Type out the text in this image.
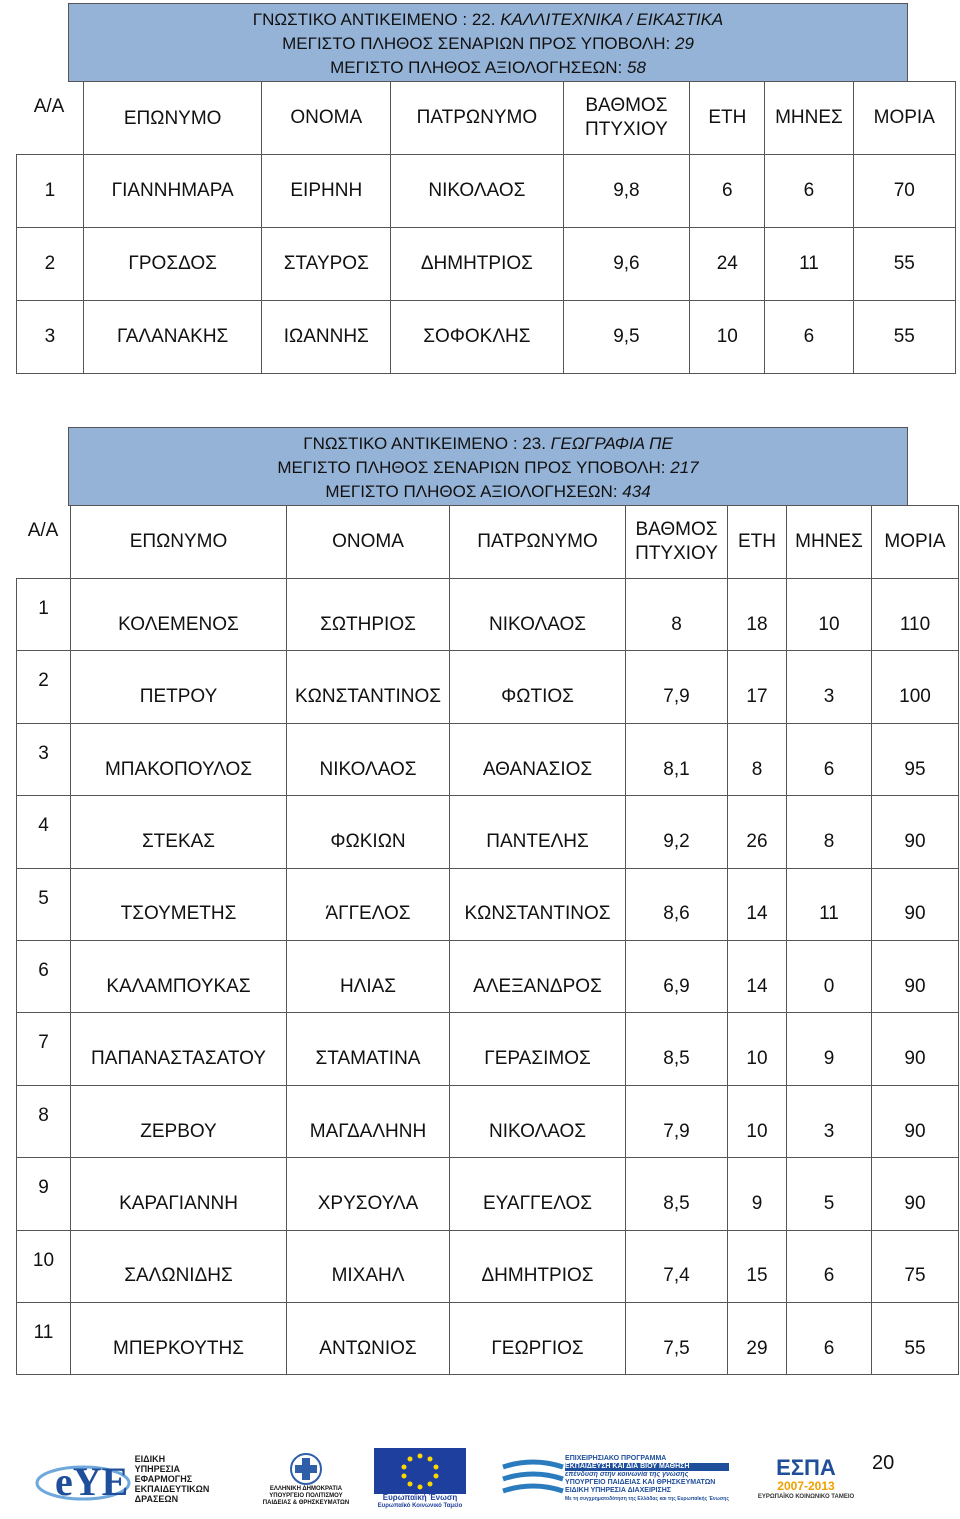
ΓΝΩΣΤΙΚΟ ΑΝΤΙΚΕΙΜΕΝΟ : 22. ΚΑΛΛΙΤΕΧΝΙΚΑ / ΕΙΚΑΣΤΙΚΑ
ΜΕΓΙΣΤΟ ΠΛΗΘΟΣ ΣΕΝΑΡΙΩΝ ΠΡΟΣ ΥΠΟΒΟΛΗ: 29
ΜΕΓΙΣΤΟ ΠΛΗΘΟΣ ΑΞΙΟΛΟΓΗΣΕΩΝ: 58
Α/Α
	ΕΠΩΝΥΜΟ	ΟΝΟΜΑ	ΠΑΤΡΩΝΥΜΟ	ΒΑΘΜΟΣ ΠΤΥΧΙΟΥ	ΕΤΗ	ΜΗΝΕΣ	ΜΟΡΙΑ
1	ΓΙΑΝΝΗΜΑΡΑ	ΕΙΡΗΝΗ	ΝΙΚΟΛΑΟΣ	9,8	6	6	70
2	ΓΡΟΣΔΟΣ	ΣΤΑΥΡΟΣ	ΔΗΜΗΤΡΙΟΣ	9,6	24	11	55
3	ΓΑΛΑΝΑΚΗΣ	ΙΩΑΝΝΗΣ	ΣΟΦΟΚΛΗΣ	9,5	10	6	55
ΓΝΩΣΤΙΚΟ ΑΝΤΙΚΕΙΜΕΝΟ : 23. ΓΕΩΓΡΑΦΙΑ ΠΕ
ΜΕΓΙΣΤΟ ΠΛΗΘΟΣ ΣΕΝΑΡΙΩΝ ΠΡΟΣ ΥΠΟΒΟΛΗ: 217
ΜΕΓΙΣΤΟ ΠΛΗΘΟΣ ΑΞΙΟΛΟΓΗΣΕΩΝ: 434
Α/Α
	ΕΠΩΝΥΜΟ	ΟΝΟΜΑ	ΠΑΤΡΩΝΥΜΟ	ΒΑΘΜΟΣ ΠΤΥΧΙΟΥ	ΕΤΗ	ΜΗΝΕΣ	ΜΟΡΙΑ
1	ΚΟΛΕΜΕΝΟΣ	ΣΩΤΗΡΙΟΣ	ΝΙΚΟΛΑΟΣ	8	18	10	110
2	ΠΕΤΡΟΥ	ΚΩΝΣΤΑΝΤΙΝΟΣ	ΦΩΤΙΟΣ	7,9	17	3	100
3	ΜΠΑΚΟΠΟΥΛΟΣ	ΝΙΚΟΛΑΟΣ	ΑΘΑΝΑΣΙΟΣ	8,1	8	6	95
4	ΣΤΕΚΑΣ	ΦΩΚΙΩΝ	ΠΑΝΤΕΛΗΣ	9,2	26	8	90
5	ΤΣΟΥΜΕΤΗΣ	ΆΓΓΕΛΟΣ	ΚΩΝΣΤΑΝΤΙΝΟΣ	8,6	14	11	90
6	ΚΑΛΑΜΠΟΥΚΑΣ	ΗΛΙΑΣ	ΑΛΕΞΑΝΔΡΟΣ	6,9	14	0	90
7	ΠΑΠΑΝΑΣΤΑΣΑΤΟΥ	ΣΤΑΜΑΤΙΝΑ	ΓΕΡΑΣΙΜΟΣ	8,5	10	9	90
8	ΖΕΡΒΟΥ	ΜΑΓΔΑΛΗΝΗ	ΝΙΚΟΛΑΟΣ	7,9	10	3	90
9	ΚΑΡΑΓΙΑΝΝΗ	ΧΡΥΣΟΥΛΑ	ΕΥΑΓΓΕΛΟΣ	8,5	9	5	90
10	ΣΑΛΩΝΙΔΗΣ	ΜΙΧΑΗΛ	ΔΗΜΗΤΡΙΟΣ	7,4	15	6	75
11	ΜΠΕΡΚΟΥΤΗΣ	ΑΝΤΩΝΙΟΣ	ΓΕΩΡΓΙΟΣ	7,5	29	6	55
eYE ΕΙΔΙΚΗ
ΥΠΗΡΕΣΙΑ
ΕΦΑΡΜΟΓΗΣ
ΕΚΠΑΙΔΕΥΤΙΚΩΝ
ΔΡΑΣΕΩΝ
ΕΛΛΗΝΙΚΗ ΔΗΜΟΚΡΑΤΙΑ
ΥΠΟΥΡΓΕΙΟ ΠΟΛΙΤΙΣΜΟΥ
ΠΑΙΔΕΙΑΣ & ΘΡΗΣΚΕΥΜΑΤΩΝ
Ευρωπαϊκή Ένωση
Ευρωπαϊκό Κοινωνικό Ταμείο
ΕΠΙΧΕΙΡΗΣΙΑΚΟ ΠΡΟΓΡΑΜΜΑ
ΕΚΠΑΙΔΕΥΣΗ ΚΑΙ ΔΙΑ ΒΙΟΥ ΜΑΘΗΣΗ
επένδυση στην κοινωνία της γνώσης
ΥΠΟΥΡΓΕΙΟ ΠΑΙΔΕΙΑΣ ΚΑΙ ΘΡΗΣΚΕΥΜΑΤΩΝ
ΕΙΔΙΚΗ ΥΠΗΡΕΣΙΑ ΔΙΑΧΕΙΡΙΣΗΣ
Με τη συγχρηματοδότηση της Ελλάδας και της Ευρωπαϊκής Ένωσης
ΕΣΠΑ
2007-2013
ΕΥΡΩΠΑΪΚΟ ΚΟΙΝΩΝΙΚΟ ΤΑΜΕΙΟ
20
